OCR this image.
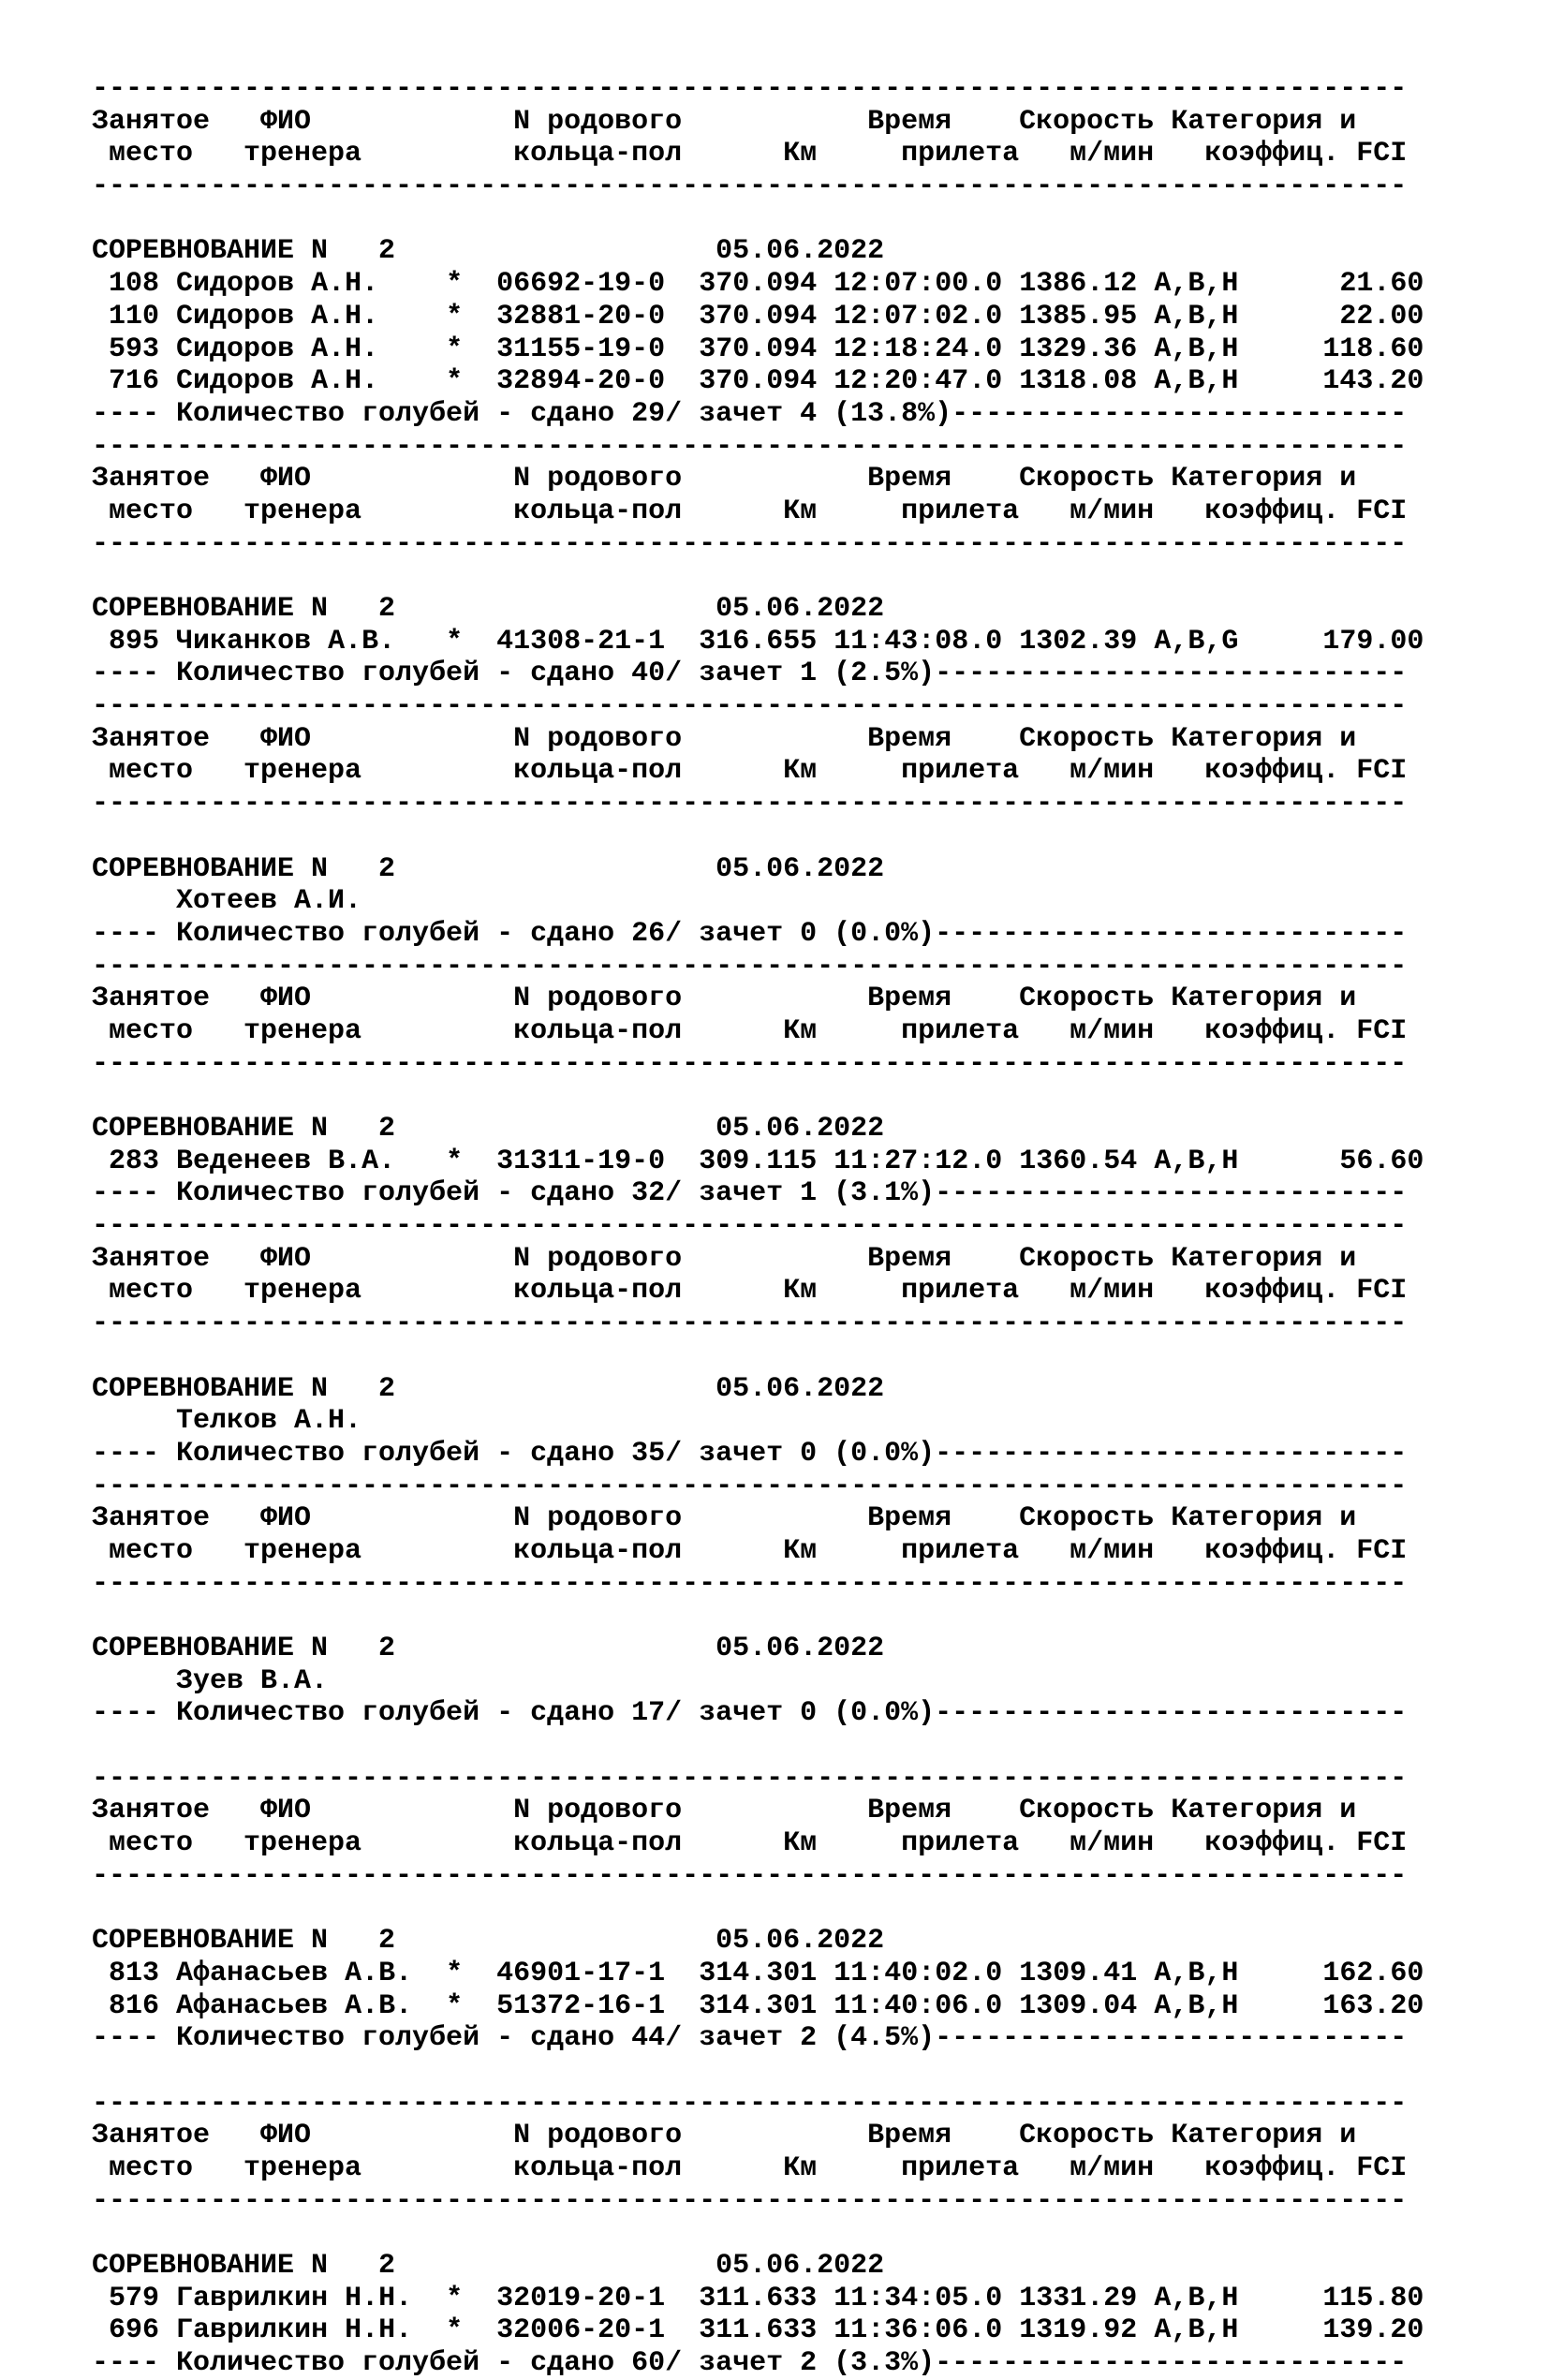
------------------------------------------------------------------------------
Занятое   ФИО            N родового           Время    Скорость Категория и
место   тренера         кольца-пол      Км     прилета   м/мин   коэффиц. FCI
------------------------------------------------------------------------------
СОРЕВНОВАНИЕ N   2	05.06.2022
108 Сидоров А.Н. * 06692-19-0 370.094 12:07:00.0 1386.12 A,B,H	21.60
110 Сидоров А.Н. * 32881-20-0 370.094 12:07:02.0 1385.95 A,B,H	22.00
593 Сидоров А.Н. * 31155-19-0 370.094 12:18:24.0 1329.36 A,B,H	118.60
716 Сидоров А.Н. * 32894-20-0 370.094 12:20:47.0 1318.08 A,B,H	143.20
---- Количество голубей - сдано 29/ зачет 4 (13.8%)---------------------------
------------------------------------------------------------------------------
Занятое   ФИО            N родового           Время    Скорость Категория и
место   тренера         кольца-пол      Км     прилета   м/мин   коэффиц. FCI
------------------------------------------------------------------------------
СОРЕВНОВАНИЕ N   2	05.06.2022
895 Чиканков А.В. * 41308-21-1 316.655 11:43:08.0 1302.39 A,B,G	179.00
---- Количество голубей - сдано 40/ зачет 1 (2.5%)----------------------------
------------------------------------------------------------------------------
Занятое   ФИО            N родового           Время    Скорость Категория и
место   тренера         кольца-пол      Км     прилета   м/мин   коэффиц. FCI
------------------------------------------------------------------------------
СОРЕВНОВАНИЕ N   2	05.06.2022
Хотеев А.И.
---- Количество голубей - сдано 26/ зачет 0 (0.0%)----------------------------
------------------------------------------------------------------------------
Занятое   ФИО            N родового           Время    Скорость Категория и
место   тренера         кольца-пол      Км     прилета   м/мин   коэффиц. FCI
------------------------------------------------------------------------------
СОРЕВНОВАНИЕ N   2	05.06.2022
283 Веденеев В.А. * 31311-19-0 309.115 11:27:12.0 1360.54 A,B,H	56.60
---- Количество голубей - сдано 32/ зачет 1 (3.1%)----------------------------
------------------------------------------------------------------------------
Занятое   ФИО            N родового           Время    Скорость Категория и
место   тренера         кольца-пол      Км     прилета   м/мин   коэффиц. FCI
------------------------------------------------------------------------------
СОРЕВНОВАНИЕ N   2	05.06.2022
Телков А.Н.
---- Количество голубей - сдано 35/ зачет 0 (0.0%)----------------------------
------------------------------------------------------------------------------
Занятое   ФИО            N родового           Время    Скорость Категория и
место   тренера         кольца-пол      Км     прилета   м/мин   коэффиц. FCI
------------------------------------------------------------------------------
СОРЕВНОВАНИЕ N   2	05.06.2022
Зуев В.А.
---- Количество голубей - сдано 17/ зачет 0 (0.0%)----------------------------
------------------------------------------------------------------------------
Занятое   ФИО            N родового           Время    Скорость Категория и
место   тренера         кольца-пол      Км     прилета   м/мин   коэффиц. FCI
------------------------------------------------------------------------------
СОРЕВНОВАНИЕ N   2	05.06.2022
813 Афанасьев А.В. * 46901-17-1 314.301 11:40:02.0 1309.41 A,B,H	162.60
816 Афанасьев А.В. * 51372-16-1 314.301 11:40:06.0 1309.04 A,B,H	163.20
---- Количество голубей - сдано 44/ зачет 2 (4.5%)----------------------------
------------------------------------------------------------------------------
Занятое   ФИО            N родового           Время    Скорость Категория и
место   тренера         кольца-пол      Км     прилета   м/мин   коэффиц. FCI
------------------------------------------------------------------------------
СОРЕВНОВАНИЕ N   2	05.06.2022
579 Гаврилкин Н.Н. * 32019-20-1 311.633 11:34:05.0 1331.29 A,B,H	115.80
696 Гаврилкин Н.Н. * 32006-20-1 311.633 11:36:06.0 1319.92 A,B,H	139.20
---- Количество голубей - сдано 60/ зачет 2 (3.3%)----------------------------
